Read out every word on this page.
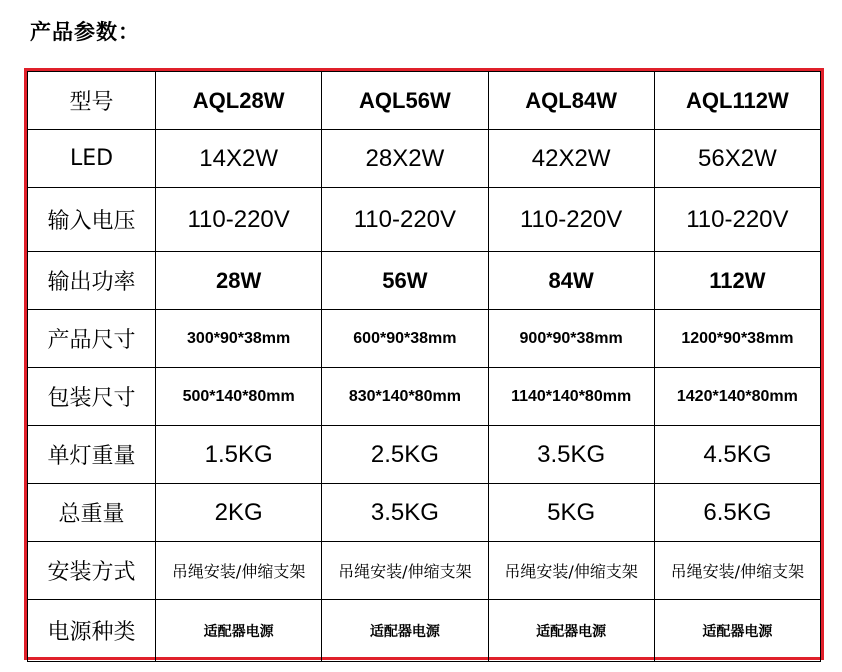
产品参数：
型号	AQL28W	AQL56W	AQL84W	AQL112W
LED	14X2W	28X2W	42X2W	56X2W
输入电压	110-220V	110-220V	110-220V	110-220V
输出功率	28W	56W	84W	112W
产品尺寸	300*90*38mm	600*90*38mm	900*90*38mm	1200*90*38mm
包装尺寸	500*140*80mm	830*140*80mm	1140*140*80mm	1420*140*80mm
单灯重量	1.5KG	2.5KG	3.5KG	4.5KG
总重量	2KG	3.5KG	5KG	6.5KG
安装方式	吊绳安装/伸缩支架	吊绳安装/伸缩支架	吊绳安装/伸缩支架	吊绳安装/伸缩支架
电源种类	适配器电源	适配器电源	适配器电源	适配器电源
